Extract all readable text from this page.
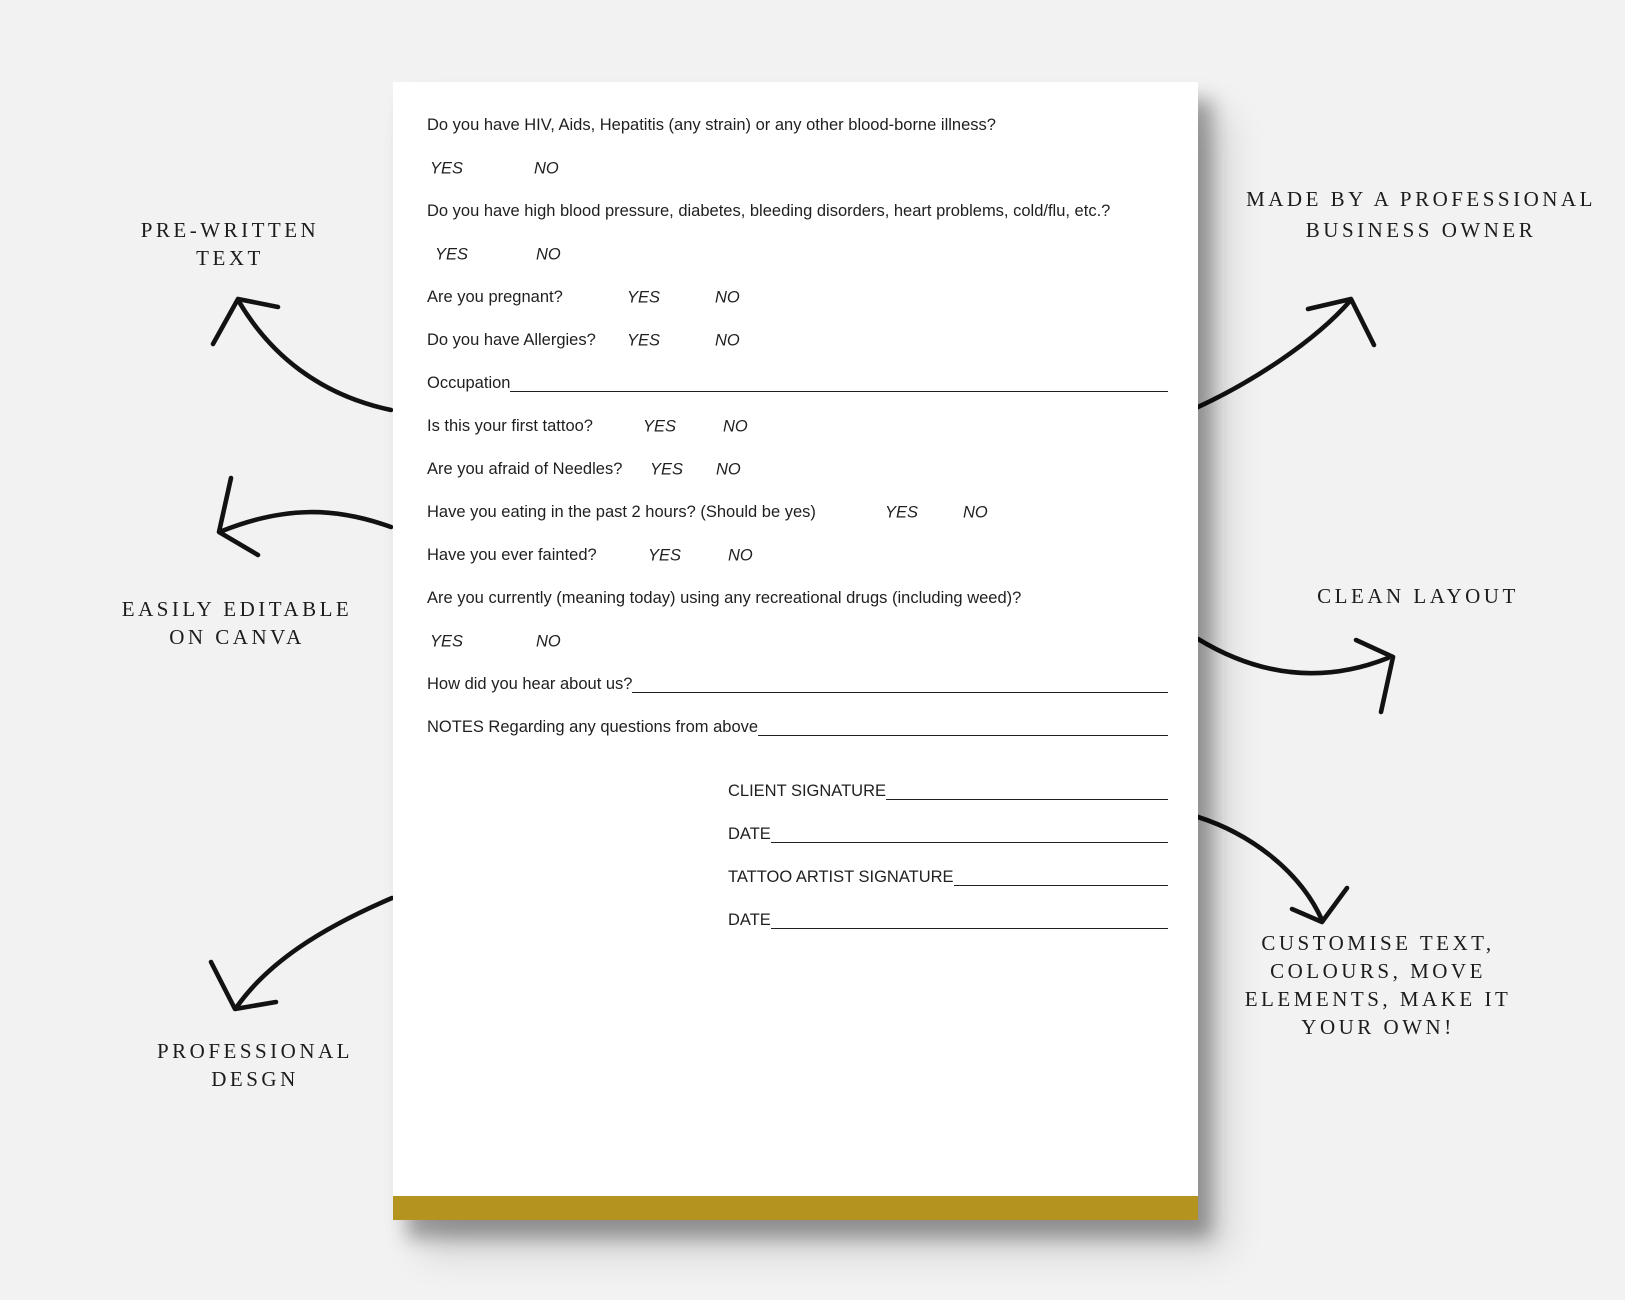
Do you have HIV, Aids, Hepatitis (any strain) or any other blood-borne illness?
YES	NO
Do you have high blood pressure, diabetes, bleeding disorders, heart problems, cold/flu, etc.?
YES	NO
Are you pregnant?	YES	NO
Do you have Allergies? YES	NO
Occupation
Is this your first tattoo?	YES	NO
Are you afraid of Needles? YES NO
Have you eating in the past 2 hours? (Should be yes)	YES	NO
Have you ever fainted?	YES	NO
Are you currently (meaning today) using any recreational drugs (including weed)?
YES	NO
How did you hear about us?
NOTES Regarding any questions from above
CLIENT SIGNATURE
DATE
TATTOO ARTIST SIGNATURE
DATE
PRE-WRITTEN
TEXT
EASILY EDITABLE
ON CANVA
PROFESSIONAL
DESGN
MADE BY A PROFESSIONAL
BUSINESS OWNER
CLEAN LAYOUT
CUSTOMISE TEXT,
COLOURS, MOVE
ELEMENTS, MAKE IT
YOUR OWN!
